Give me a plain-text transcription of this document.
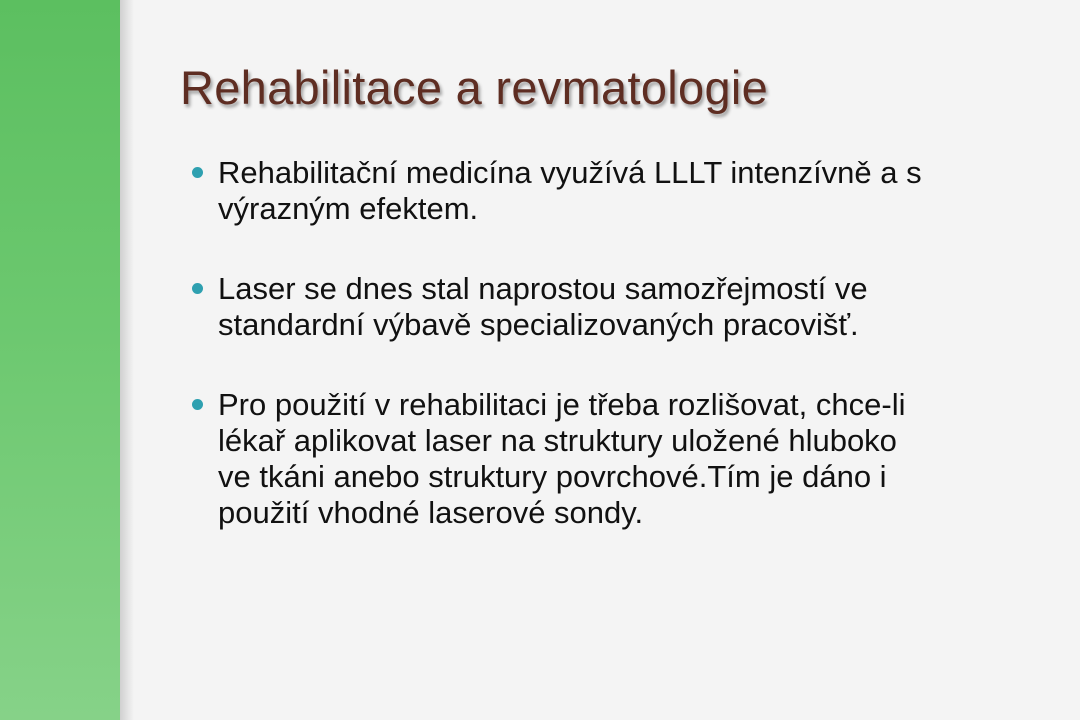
Rehabilitace a revmatologie
Rehabilitační medicína využívá LLLT intenzívně a s
výrazným efektem.
Laser se dnes stal naprostou samozřejmostí ve
standardní výbavě specializovaných pracovišť.
Pro použití v rehabilitaci je třeba rozlišovat, chce-li
lékař aplikovat laser na struktury uložené hluboko
ve tkáni anebo struktury povrchové.Tím je dáno i
použití vhodné laserové sondy.
